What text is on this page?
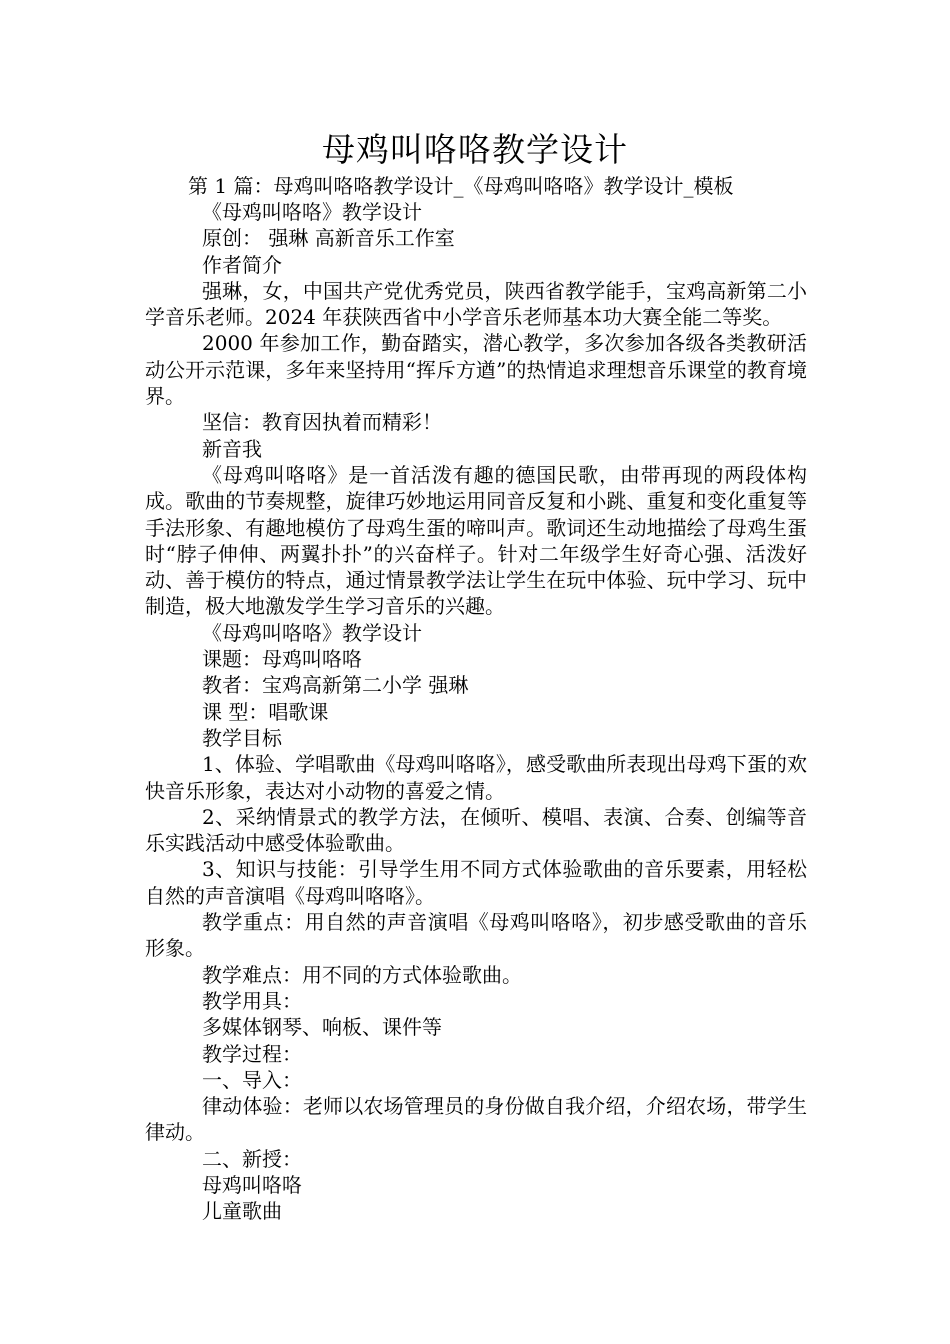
母鸡叫咯咯教学设计
第 1 篇：母鸡叫咯咯教学设计_《母鸡叫咯咯》教学设计_模板

《母鸡叫咯咯》教学设计

原创： 强琳 高新音乐工作室

作者简介

强琳，女，中国共产党优秀党员，陕西省教学能手，宝鸡高新第二小学音乐老师。2024 年获陕西省中小学音乐老师基本功大赛全能二等奖。

2000 年参加工作，勤奋踏实，潜心教学，多次参加各级各类教研活动公开示范课，多年来坚持用“挥斥方遒”的热情追求理想音乐课堂的教育境界。

坚信：教育因执着而精彩！

新音我

《母鸡叫咯咯》是一首活泼有趣的德国民歌，由带再现的两段体构成。歌曲的节奏规整，旋律巧妙地运用同音反复和小跳、重复和变化重复等手法形象、有趣地模仿了母鸡生蛋的啼叫声。歌词还生动地描绘了母鸡生蛋时“脖子伸伸、两翼扑扑”的兴奋样子。针对二年级学生好奇心强、活泼好动、善于模仿的特点，通过情景教学法让学生在玩中体验、玩中学习、玩中制造，极大地激发学生学习音乐的兴趣。

《母鸡叫咯咯》教学设计

课题：母鸡叫咯咯

教者：宝鸡高新第二小学 强琳

课 型：唱歌课

教学目标

1、体验、学唱歌曲《母鸡叫咯咯》，感受歌曲所表现出母鸡下蛋的欢快音乐形象，表达对小动物的喜爱之情。

2、采纳情景式的教学方法，在倾听、模唱、表演、合奏、创编等音乐实践活动中感受体验歌曲。

3、知识与技能：引导学生用不同方式体验歌曲的音乐要素，用轻松自然的声音演唱《母鸡叫咯咯》。

教学重点：用自然的声音演唱《母鸡叫咯咯》，初步感受歌曲的音乐形象。

教学难点：用不同的方式体验歌曲。

教学用具：

多媒体钢琴、响板、课件等

教学过程：

一、导入：

律动体验：老师以农场管理员的身份做自我介绍，介绍农场，带学生律动。

二、新授：

母鸡叫咯咯

儿童歌曲
